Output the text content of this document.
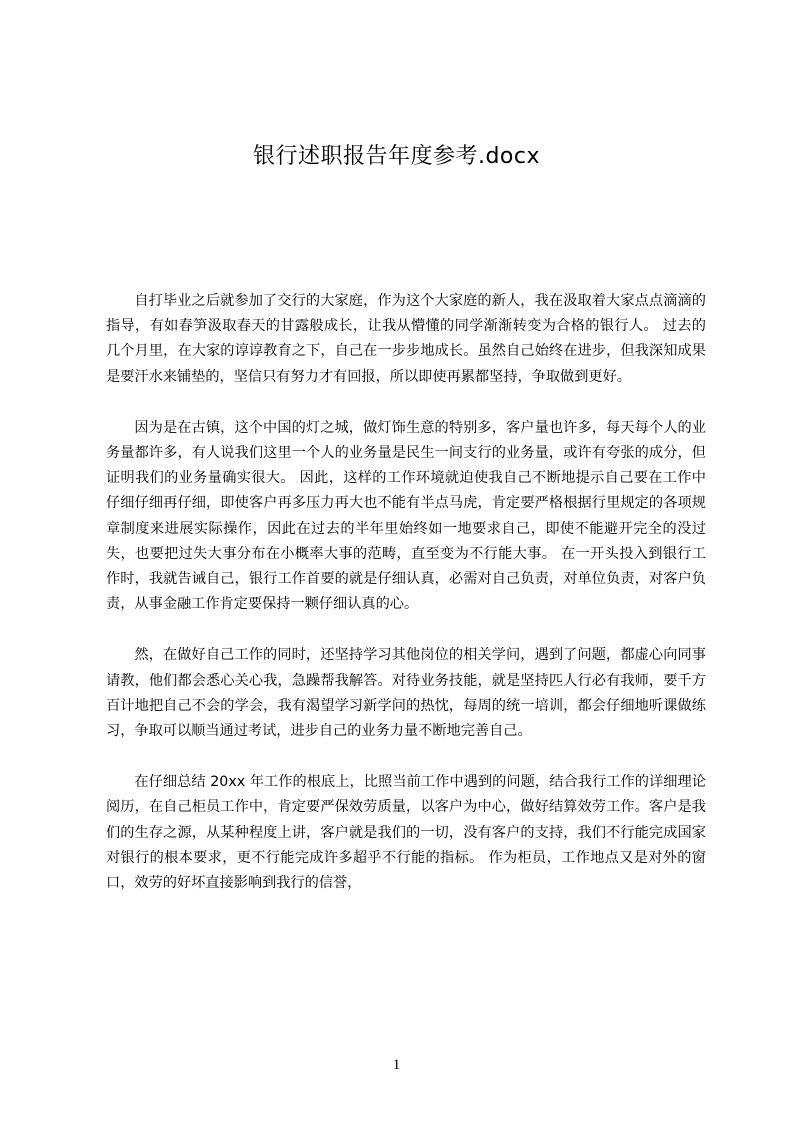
银行述职报告年度参考.docx

自打毕业之后就参加了交行的大家庭，作为这个大家庭的新人，我在汲取着大家点点滴滴的指导，有如春笋汲取春天的甘露般成长，让我从懵懂的同学渐渐转变为合格的银行人。 过去的几个月里，在大家的谆谆教育之下，自己在一步步地成长。虽然自己始终在进步，但我深知成果是要汗水来铺垫的，坚信只有努力才有回报，所以即使再累都坚持，争取做到更好。

因为是在古镇，这个中国的灯之城，做灯饰生意的特别多，客户量也许多，每天每个人的业务量都许多，有人说我们这里一个人的业务量是民生一间支行的业务量，或许有夸张的成分，但证明我们的业务量确实很大。 因此，这样的工作环境就迫使我自己不断地提示自己要在工作中仔细仔细再仔细，即使客户再多压力再大也不能有半点马虎，肯定要严格根据行里规定的各项规章制度来进展实际操作，因此在过去的半年里始终如一地要求自己，即使不能避开完全的没过失，也要把过失大事分布在小概率大事的范畴，直至变为不行能大事。 在一开头投入到银行工作时，我就告诫自己，银行工作首要的就是仔细认真，必需对自己负责，对单位负责，对客户负责，从事金融工作肯定要保持一颗仔细认真的心。

然，在做好自己工作的同时，还坚持学习其他岗位的相关学问，遇到了问题，都虚心向同事请教，他们都会悉心关心我，急躁帮我解答。对待业务技能，就是坚持匹人行必有我师，要千方百计地把自己不会的学会，我有渴望学习新学问的热忱，每周的统一培训，都会仔细地听课做练习，争取可以顺当通过考试，进步自己的业务力量不断地完善自己。

在仔细总结 20xx 年工作的根底上，比照当前工作中遇到的问题，结合我行工作的详细理论阅历，在自己柜员工作中，肯定要严保效劳质量，以客户为中心，做好结算效劳工作。客户是我们的生存之源，从某种程度上讲，客户就是我们的一切，没有客户的支持，我们不行能完成国家对银行的根本要求，更不行能完成许多超乎不行能的指标。 作为柜员，工作地点又是对外的窗口，效劳的好坏直接影响到我行的信誉，

1
